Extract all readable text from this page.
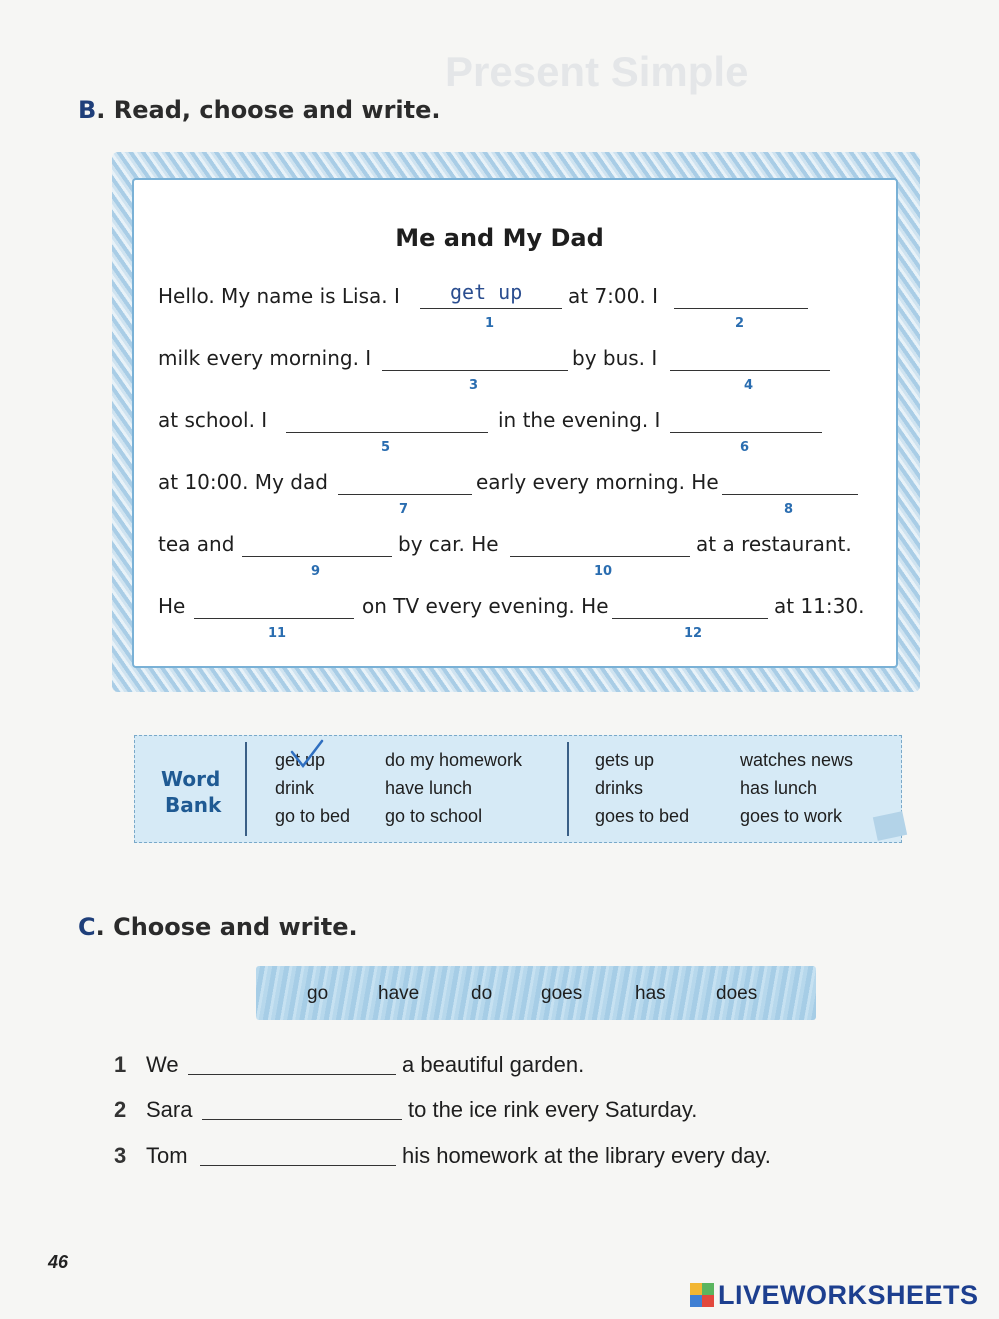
Present Simple
B. Read, choose and write.
Me and My Dad
Hello. My name is Lisa. I
1
get up at 7:00. I
2
milk every morning. I
3
by bus. I
4
at school. I
5
in the evening. I
6
at 10:00. My dad
7
early every morning. He
8
tea and
9
by car. He
10
at a restaurant.
He
11
on TV every evening. He
12
at 11:30.
Word
Bank
get up
drink
go to bed
do my homework
have lunch
go to school
gets up
drinks
goes to bed
watches news
has lunch
goes to work
C. Choose and write.
go	have	do	goes	has	does
1 We	a beautiful garden.
2 Sara	to the ice rink every Saturday.
3 Tom	his homework at the library every day.
46
LIVEWORKSHEETS
